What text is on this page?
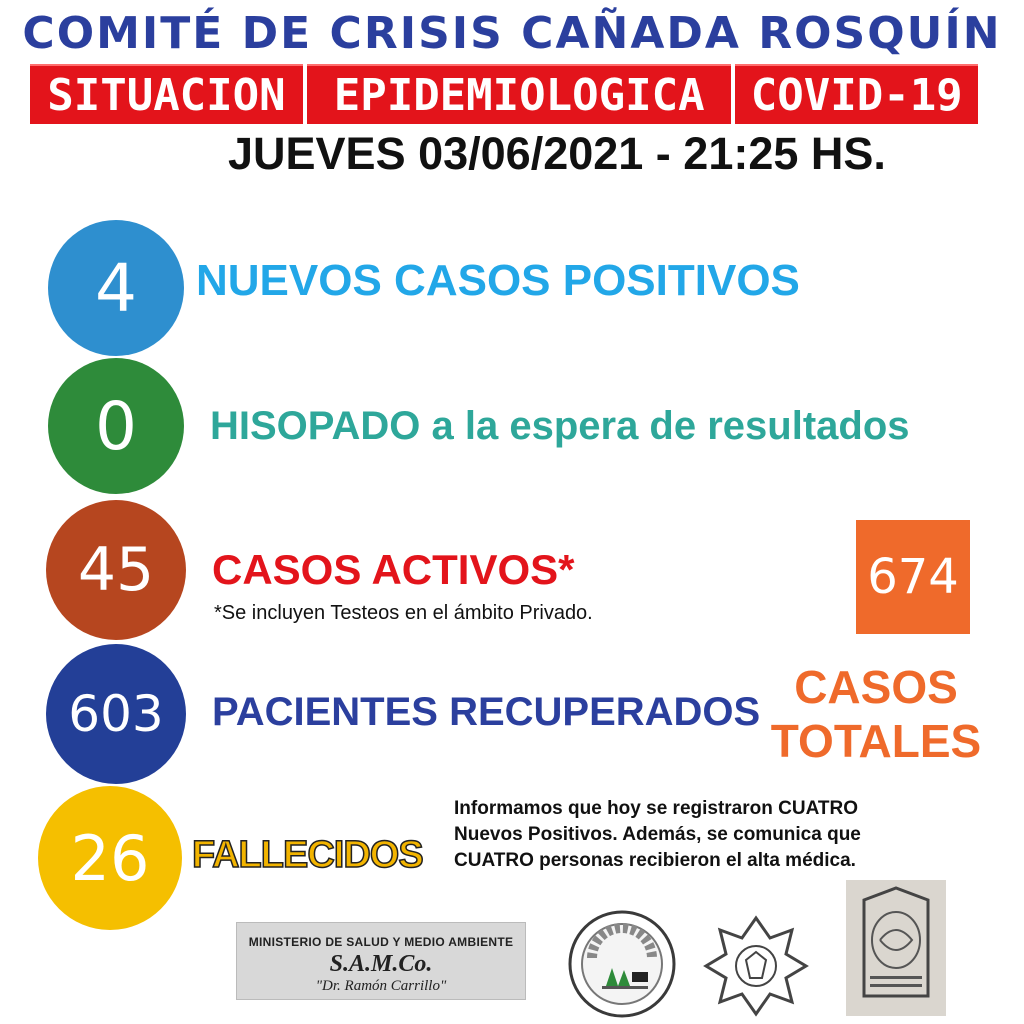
COMITÉ DE CRISIS CAÑADA ROSQUÍN
SITUACION	EPIDEMIOLOGICA	COVID-19
JUEVES 03/06/2021 - 21:25 HS.
4 NUEVOS CASOS POSITIVOS
0 HISOPADO a la espera de resultados
45 CASOS ACTIVOS*
*Se incluyen Testeos en el ámbito Privado.
603 PACIENTES RECUPERADOS
26 FALLECIDOS
674
CASOS
TOTALES
Informamos que hoy se registraron CUATRO
Nuevos Positivos. Además, se comunica que
CUATRO personas recibieron el alta médica.
MINISTERIO DE SALUD Y MEDIO AMBIENTE
S.A.M.Co.
"Dr. Ramón Carrillo"
